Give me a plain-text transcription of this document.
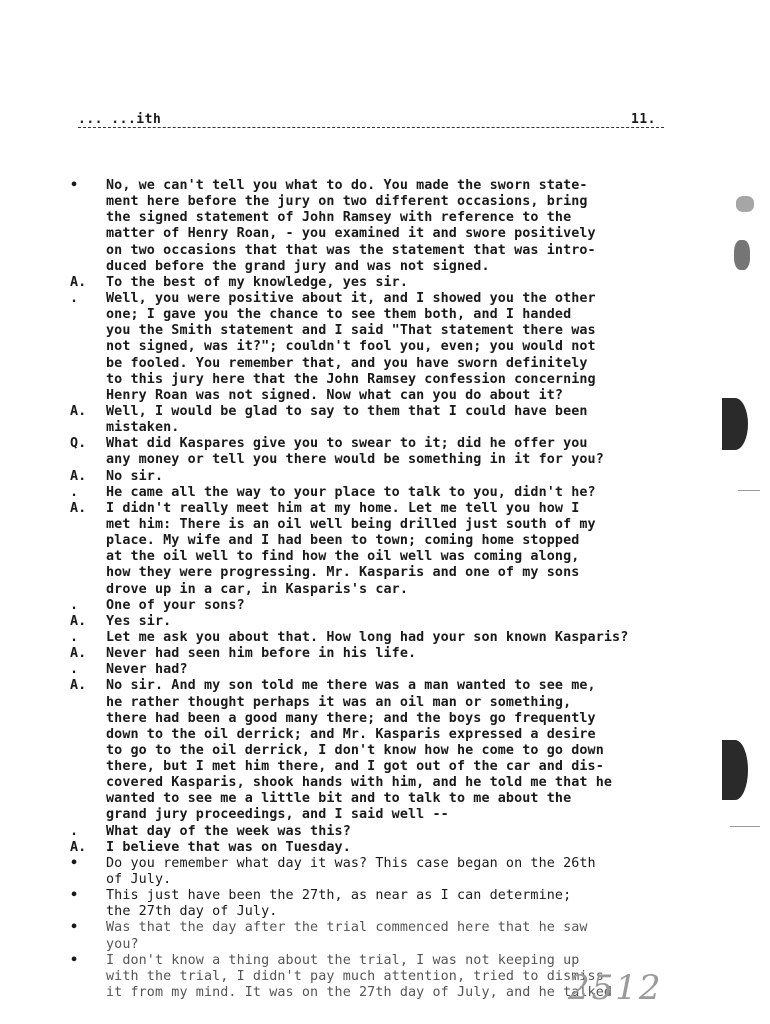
... ...ith	11.
•	No, we can't tell you what to do. You made the sworn state-
ment here before the jury on two different occasions, bring
the signed statement of John Ramsey with reference to the
matter of Henry Roan, - you examined it and swore positively
on two occasions that that was the statement that was intro-
duced before the grand jury and was not signed.
A.	To the best of my knowledge, yes sir.
.	Well, you were positive about it, and I showed you the other
one; I gave you the chance to see them both, and I handed
you the Smith statement and I said "That statement there was
not signed, was it?"; couldn't fool you, even; you would not
be fooled. You remember that, and you have sworn definitely
to this jury here that the John Ramsey confession concerning
Henry Roan was not signed. Now what can you do about it?
A.	Well, I would be glad to say to them that I could have been
mistaken.
Q.	What did Kaspares give you to swear to it; did he offer you
any money or tell you there would be something in it for you?
A.	No sir.
.	He came all the way to your place to talk to you, didn't he?
A.	I didn't really meet him at my home. Let me tell you how I
met him: There is an oil well being drilled just south of my
place. My wife and I had been to town; coming home stopped
at the oil well to find how the oil well was coming along,
how they were progressing. Mr. Kasparis and one of my sons
drove up in a car, in Kasparis's car.
.	One of your sons?
A.	Yes sir.
.	Let me ask you about that. How long had your son known Kasparis?
A.	Never had seen him before in his life.
.	Never had?
A.	No sir. And my son told me there was a man wanted to see me,
he rather thought perhaps it was an oil man or something,
there had been a good many there; and the boys go frequently
down to the oil derrick; and Mr. Kasparis expressed a desire
to go to the oil derrick, I don't know how he come to go down
there, but I met him there, and I got out of the car and dis-
covered Kasparis, shook hands with him, and he told me that he
wanted to see me a little bit and to talk to me about the
grand jury proceedings, and I said well --
.	What day of the week was this?
A.	I believe that was on Tuesday.
•	Do you remember what day it was? This case began on the 26th
of July.
•	This just have been the 27th, as near as I can determine;
the 27th day of July.
•	Was that the day after the trial commenced here that he saw
you?
•	I don't know a thing about the trial, I was not keeping up
with the trial, I didn't pay much attention, tried to dismiss
it from my mind. It was on the 27th day of July, and he talked
2512
